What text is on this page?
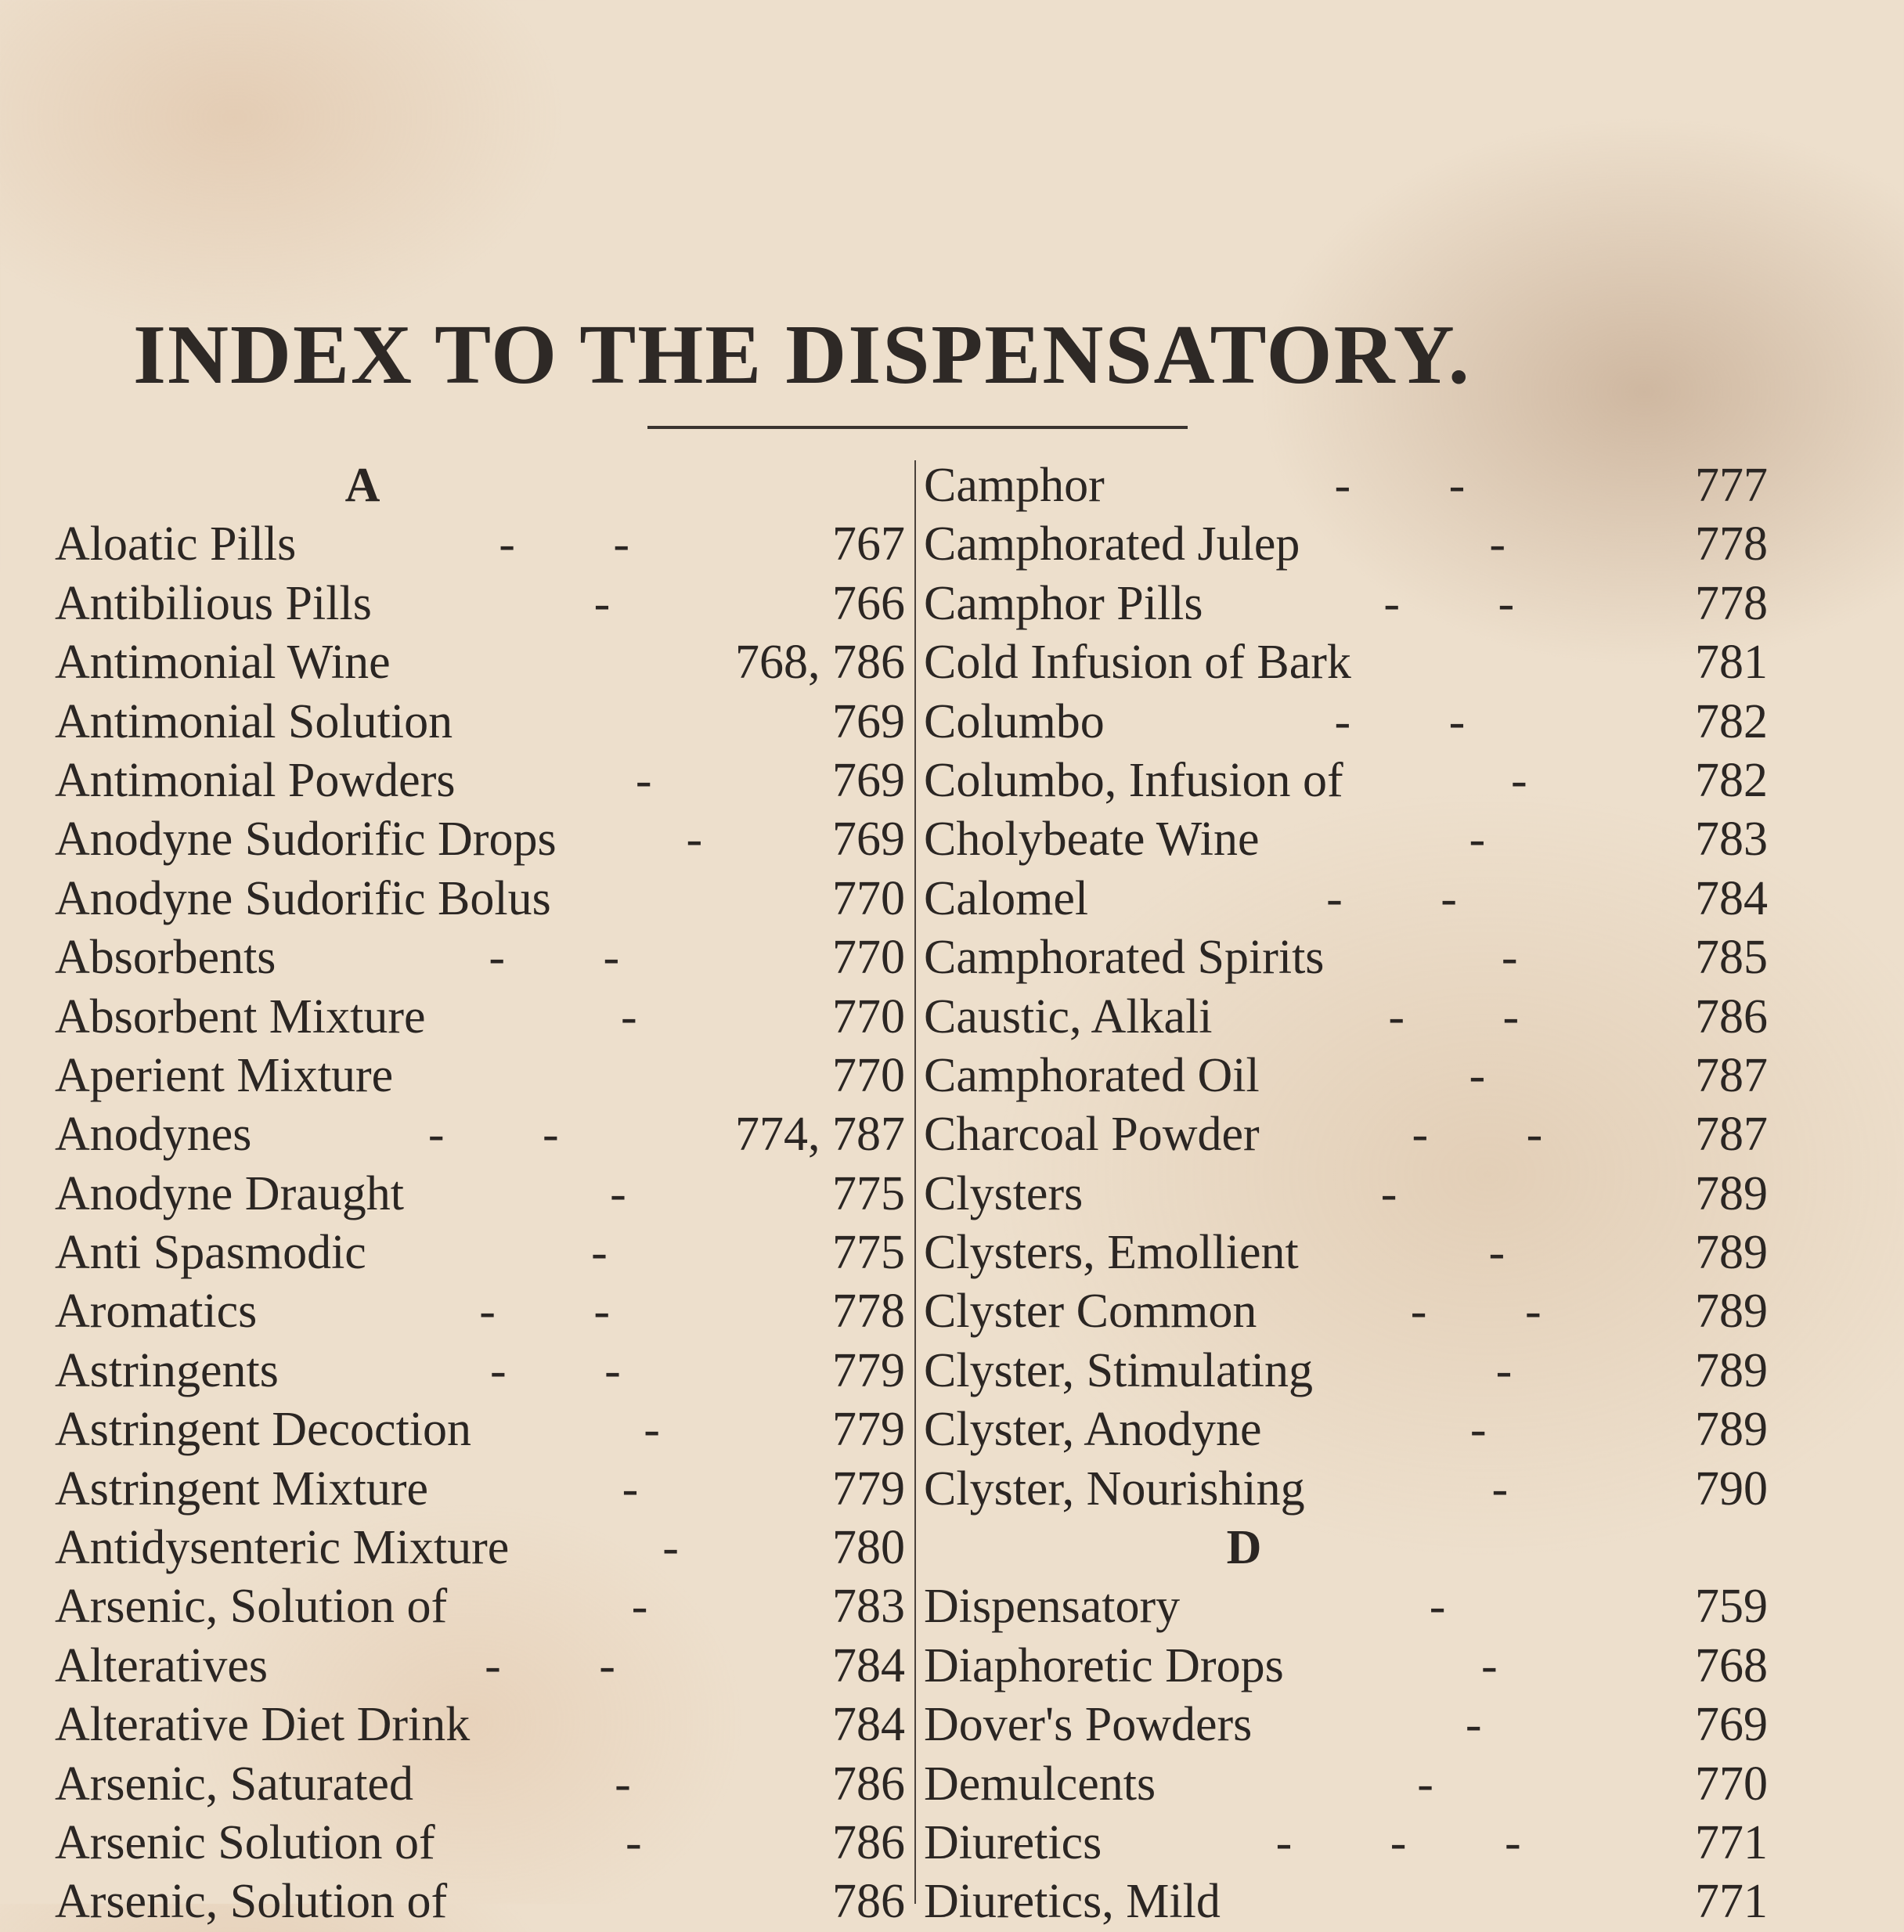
INDEX TO THE DISPENSATORY.
A
Aloatic Pills	- -	767
Antibilious Pills	-	766
Antimonial Wine	768, 786
Antimonial Solution	769
Antimonial Powders	-	769
Anodyne Sudorific Drops	-	769
Anodyne Sudorific Bolus	770
Absorbents	- -	770
Absorbent Mixture	-	770
Aperient Mixture	770
Anodynes	- -	774, 787
Anodyne Draught	-	775
Anti Spasmodic	-	775
Aromatics	- -	778
Astringents	- -	779
Astringent Decoction	-	779
Astringent Mixture	-	779
Antidysenteric Mixture	-	780
Arsenic, Solution of	-	783
Alteratives	- -	784
Alterative Diet Drink	784
Arsenic, Saturated	-	786
Arsenic Solution of	-	786
Arsenic, Solution of	786
Camphor	- -	777
Camphorated Julep	-	778
Camphor Pills	- -	778
Cold Infusion of Bark	781
Columbo	- -	782
Columbo, Infusion of	-	782
Cholybeate Wine	-	783
Calomel	- -	784
Camphorated Spirits	-	785
Caustic, Alkali	- -	786
Camphorated Oil	-	787
Charcoal Powder	- -	787
Clysters	-	789
Clysters, Emollient	-	789
Clyster Common	- -	789
Clyster, Stimulating	-	789
Clyster, Anodyne	-	789
Clyster, Nourishing	-	790
D
Dispensatory	-	759
Diaphoretic Drops	-	768
Dover's Powders	-	769
Demulcents	-	770
Diuretics	- - -	771
Diuretics, Mild	771
